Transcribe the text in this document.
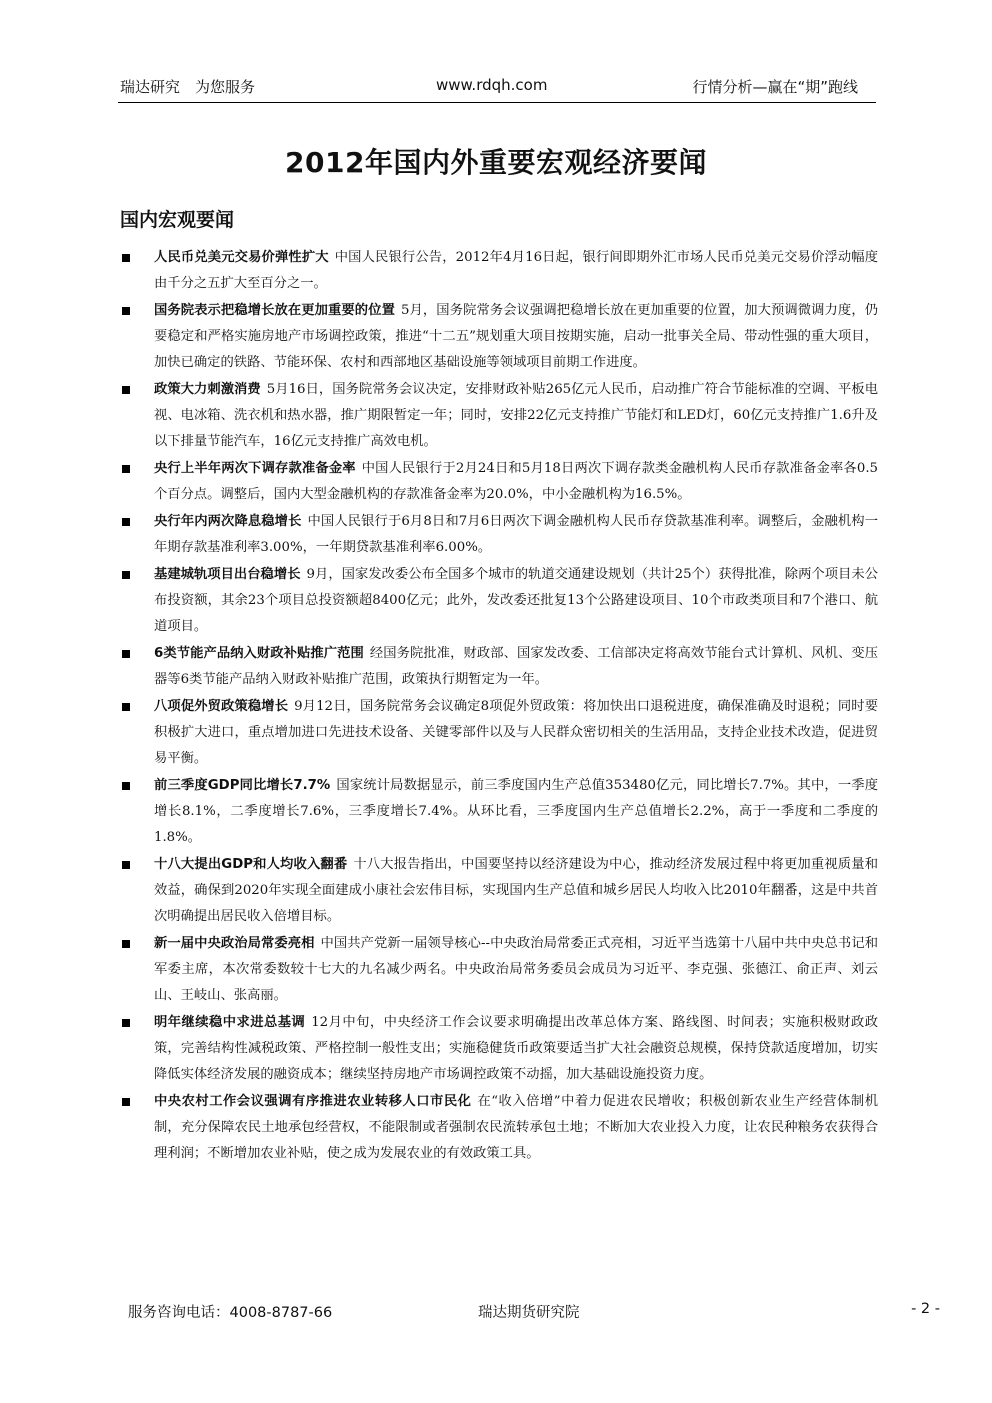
瑞达研究　为您服务	www.rdqh.com	行情分析—赢在“期”跑线
2012年国内外重要宏观经济要闻
国内宏观要闻
人民币兑美元交易价弹性扩大 中国人民银行公告，2012年4月16日起，银行间即期外汇市场人民币兑美元交易价浮动幅度由千分之五扩大至百分之一。
国务院表示把稳增长放在更加重要的位置 5月，国务院常务会议强调把稳增长放在更加重要的位置，加大预调微调力度，仍要稳定和严格实施房地产市场调控政策，推进“十二五”规划重大项目按期实施，启动一批事关全局、带动性强的重大项目，加快已确定的铁路、节能环保、农村和西部地区基础设施等领域项目前期工作进度。
政策大力刺激消费 5月16日，国务院常务会议决定，安排财政补贴265亿元人民币，启动推广符合节能标准的空调、平板电视、电冰箱、洗衣机和热水器，推广期限暂定一年；同时，安排22亿元支持推广节能灯和LED灯，60亿元支持推广1.6升及以下排量节能汽车，16亿元支持推广高效电机。
央行上半年两次下调存款准备金率 中国人民银行于2月24日和5月18日两次下调存款类金融机构人民币存款准备金率各0.5个百分点。调整后，国内大型金融机构的存款准备金率为20.0%，中小金融机构为16.5%。
央行年内两次降息稳增长 中国人民银行于6月8日和7月6日两次下调金融机构人民币存贷款基准利率。调整后，金融机构一年期存款基准利率3.00%，一年期贷款基准利率6.00%。
基建城轨项目出台稳增长 9月，国家发改委公布全国多个城市的轨道交通建设规划（共计25个）获得批准，除两个项目未公布投资额，其余23个项目总投资额超8400亿元；此外，发改委还批复13个公路建设项目、10个市政类项目和7个港口、航道项目。
6类节能产品纳入财政补贴推广范围 经国务院批准，财政部、国家发改委、工信部决定将高效节能台式计算机、风机、变压器等6类节能产品纳入财政补贴推广范围，政策执行期暂定为一年。
八项促外贸政策稳增长 9月12日，国务院常务会议确定8项促外贸政策：将加快出口退税进度，确保准确及时退税；同时要积极扩大进口，重点增加进口先进技术设备、关键零部件以及与人民群众密切相关的生活用品，支持企业技术改造，促进贸易平衡。
前三季度GDP同比增长7.7% 国家统计局数据显示，前三季度国内生产总值353480亿元，同比增长7.7%。其中，一季度增长8.1%，二季度增长7.6%，三季度增长7.4%。从环比看，三季度国内生产总值增长2.2%，高于一季度和二季度的1.8%。
十八大提出GDP和人均收入翻番 十八大报告指出，中国要坚持以经济建设为中心，推动经济发展过程中将更加重视质量和效益，确保到2020年实现全面建成小康社会宏伟目标，实现国内生产总值和城乡居民人均收入比2010年翻番，这是中共首次明确提出居民收入倍增目标。
新一届中央政治局常委亮相 中国共产党新一届领导核心--中央政治局常委正式亮相，习近平当选第十八届中共中央总书记和军委主席，本次常委数较十七大的九名减少两名。中央政治局常务委员会成员为习近平、李克强、张德江、俞正声、刘云山、王岐山、张高丽。
明年继续稳中求进总基调 12月中旬，中央经济工作会议要求明确提出改革总体方案、路线图、时间表；实施积极财政政策，完善结构性减税政策、严格控制一般性支出；实施稳健货币政策要适当扩大社会融资总规模，保持贷款适度增加，切实降低实体经济发展的融资成本；继续坚持房地产市场调控政策不动摇，加大基础设施投资力度。
中央农村工作会议强调有序推进农业转移人口市民化 在“收入倍增”中着力促进农民增收；积极创新农业生产经营体制机制，充分保障农民土地承包经营权，不能限制或者强制农民流转承包土地；不断加大农业投入力度，让农民种粮务农获得合理利润；不断增加农业补贴，使之成为发展农业的有效政策工具。
服务咨询电话：4008-8787-66	瑞达期货研究院	- 2 -
